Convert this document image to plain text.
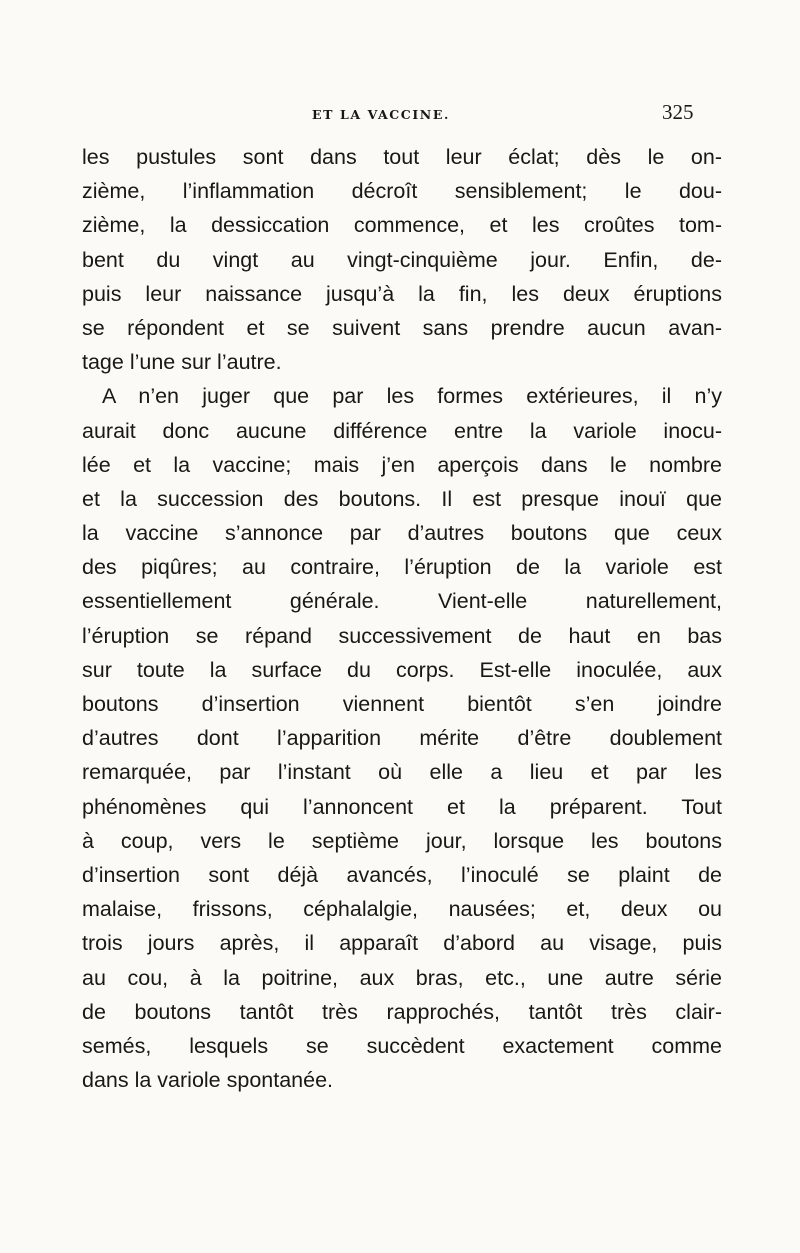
ET LA VACCINE.	325
les pustules sont dans tout leur éclat; dès le on-
zième, l’inflammation décroît sensiblement; le dou-
zième, la dessiccation commence, et les croûtes tom-
bent du vingt au vingt-cinquième jour. Enfin, de-
puis leur naissance jusqu’à la fin, les deux éruptions
se répondent et se suivent sans prendre aucun avan-
tage l’une sur l’autre.
A n’en juger que par les formes extérieures, il n’y
aurait donc aucune différence entre la variole inocu-
lée et la vaccine; mais j’en aperçois dans le nombre
et la succession des boutons. Il est presque inouï que
la vaccine s’annonce par d’autres boutons que ceux
des piqûres; au contraire, l’éruption de la variole est
essentiellement générale. Vient-elle naturellement,
l’éruption se répand successivement de haut en bas
sur toute la surface du corps. Est-elle inoculée, aux
boutons d’insertion viennent bientôt s’en joindre
d’autres dont l’apparition mérite d’être doublement
remarquée, par l’instant où elle a lieu et par les
phénomènes qui l’annoncent et la préparent. Tout
à coup, vers le septième jour, lorsque les boutons
d’insertion sont déjà avancés, l’inoculé se plaint de
malaise, frissons, céphalalgie, nausées; et, deux ou
trois jours après, il apparaît d’abord au visage, puis
au cou, à la poitrine, aux bras, etc., une autre série
de boutons tantôt très rapprochés, tantôt très clair-
semés, lesquels se succèdent exactement comme
dans la variole spontanée.
